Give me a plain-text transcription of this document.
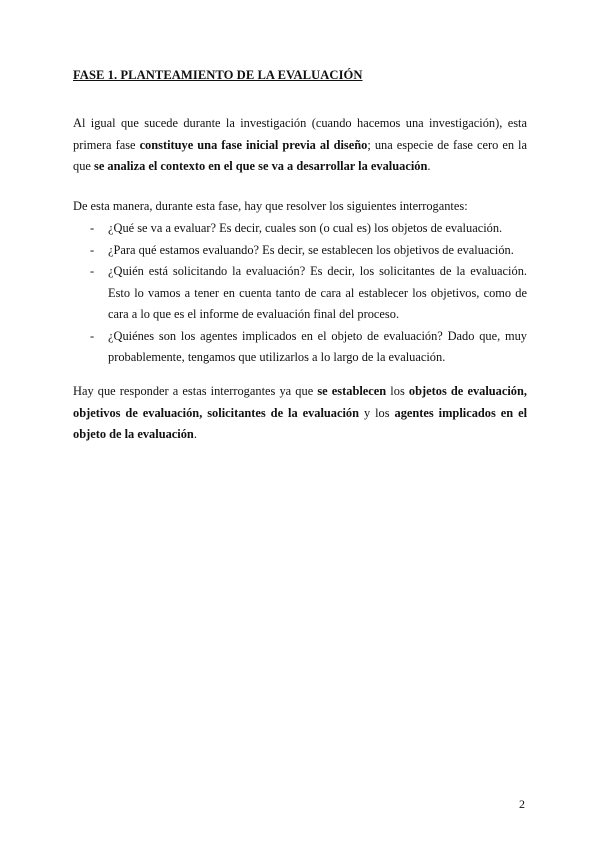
FASE 1. PLANTEAMIENTO DE LA EVALUACIÓN
Al igual que sucede durante la investigación (cuando hacemos una investigación), esta primera fase constituye una fase inicial previa al diseño; una especie de fase cero en la que se analiza el contexto en el que se va a desarrollar la evaluación.
De esta manera, durante esta fase, hay que resolver los siguientes interrogantes:
- ¿Qué se va a evaluar? Es decir, cuales son (o cual es) los objetos de evaluación.
- ¿Para qué estamos evaluando? Es decir, se establecen los objetivos de evaluación.
- ¿Quién está solicitando la evaluación? Es decir, los solicitantes de la evaluación. Esto lo vamos a tener en cuenta tanto de cara al establecer los objetivos, como de cara a lo que es el informe de evaluación final del proceso.
- ¿Quiénes son los agentes implicados en el objeto de evaluación? Dado que, muy probablemente, tengamos que utilizarlos a lo largo de la evaluación.
Hay que responder a estas interrogantes ya que se establecen los objetos de evaluación, objetivos de evaluación, solicitantes de la evaluación y los agentes implicados en el objeto de la evaluación.
2
